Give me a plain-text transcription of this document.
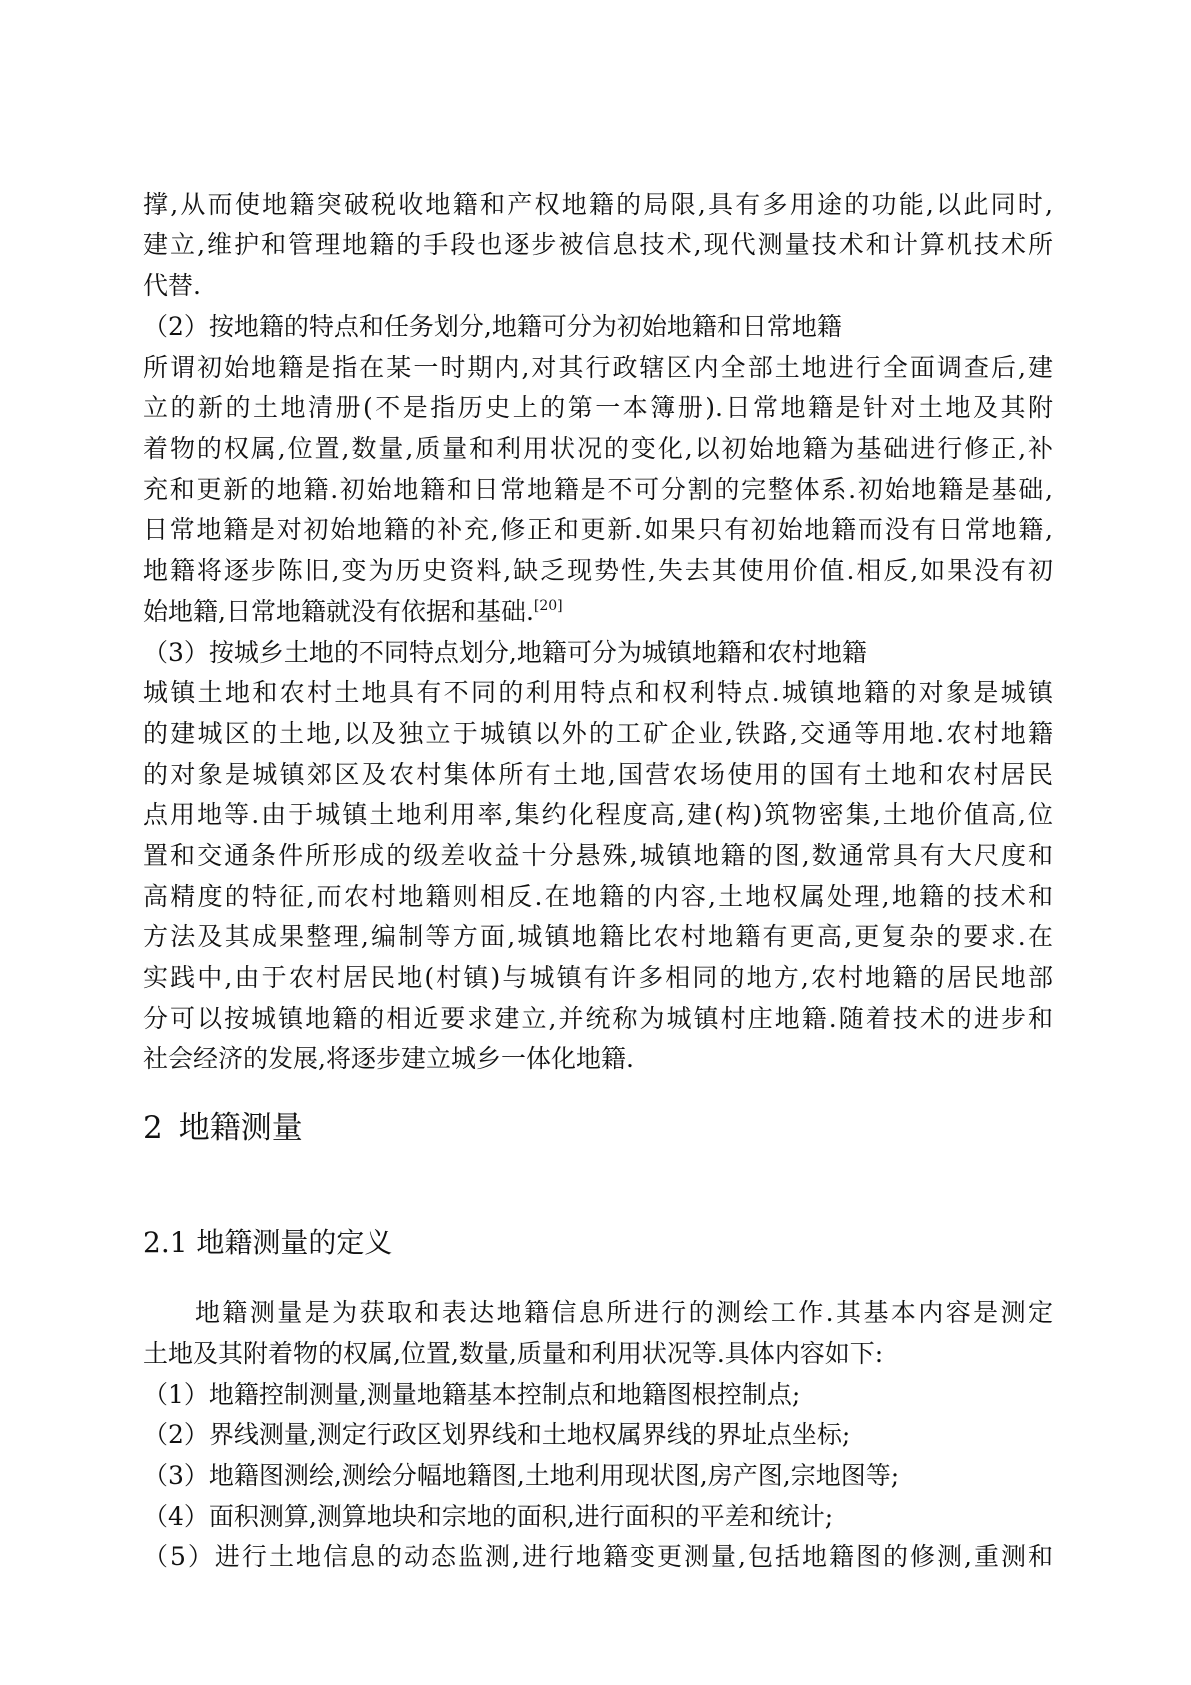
撑,从而使地籍突破税收地籍和产权地籍的局限,具有多用途的功能,以此同时,
建立,维护和管理地籍的手段也逐步被信息技术,现代测量技术和计算机技术所
代替.
（2）按地籍的特点和任务划分,地籍可分为初始地籍和日常地籍
所谓初始地籍是指在某一时期内,对其行政辖区内全部土地进行全面调查后,建
立的新的土地清册(不是指历史上的第一本簿册).日常地籍是针对土地及其附
着物的权属,位置,数量,质量和利用状况的变化,以初始地籍为基础进行修正,补
充和更新的地籍.初始地籍和日常地籍是不可分割的完整体系.初始地籍是基础,
日常地籍是对初始地籍的补充,修正和更新.如果只有初始地籍而没有日常地籍,
地籍将逐步陈旧,变为历史资料,缺乏现势性,失去其使用价值.相反,如果没有初
始地籍,日常地籍就没有依据和基础.[20]
（3）按城乡土地的不同特点划分,地籍可分为城镇地籍和农村地籍
城镇土地和农村土地具有不同的利用特点和权利特点.城镇地籍的对象是城镇
的建城区的土地,以及独立于城镇以外的工矿企业,铁路,交通等用地.农村地籍
的对象是城镇郊区及农村集体所有土地,国营农场使用的国有土地和农村居民
点用地等.由于城镇土地利用率,集约化程度高,建(构)筑物密集,土地价值高,位
置和交通条件所形成的级差收益十分悬殊,城镇地籍的图,数通常具有大尺度和
高精度的特征,而农村地籍则相反.在地籍的内容,土地权属处理,地籍的技术和
方法及其成果整理,编制等方面,城镇地籍比农村地籍有更高,更复杂的要求.在
实践中,由于农村居民地(村镇)与城镇有许多相同的地方,农村地籍的居民地部
分可以按城镇地籍的相近要求建立,并统称为城镇村庄地籍.随着技术的进步和
社会经济的发展,将逐步建立城乡一体化地籍.
2 地籍测量
2.1 地籍测量的定义
地籍测量是为获取和表达地籍信息所进行的测绘工作.其基本内容是测定
土地及其附着物的权属,位置,数量,质量和利用状况等.具体内容如下:
（1）地籍控制测量,测量地籍基本控制点和地籍图根控制点;
（2）界线测量,测定行政区划界线和土地权属界线的界址点坐标;
（3）地籍图测绘,测绘分幅地籍图,土地利用现状图,房产图,宗地图等;
（4）面积测算,测算地块和宗地的面积,进行面积的平差和统计;
（5）进行土地信息的动态监测,进行地籍变更测量,包括地籍图的修测,重测和
